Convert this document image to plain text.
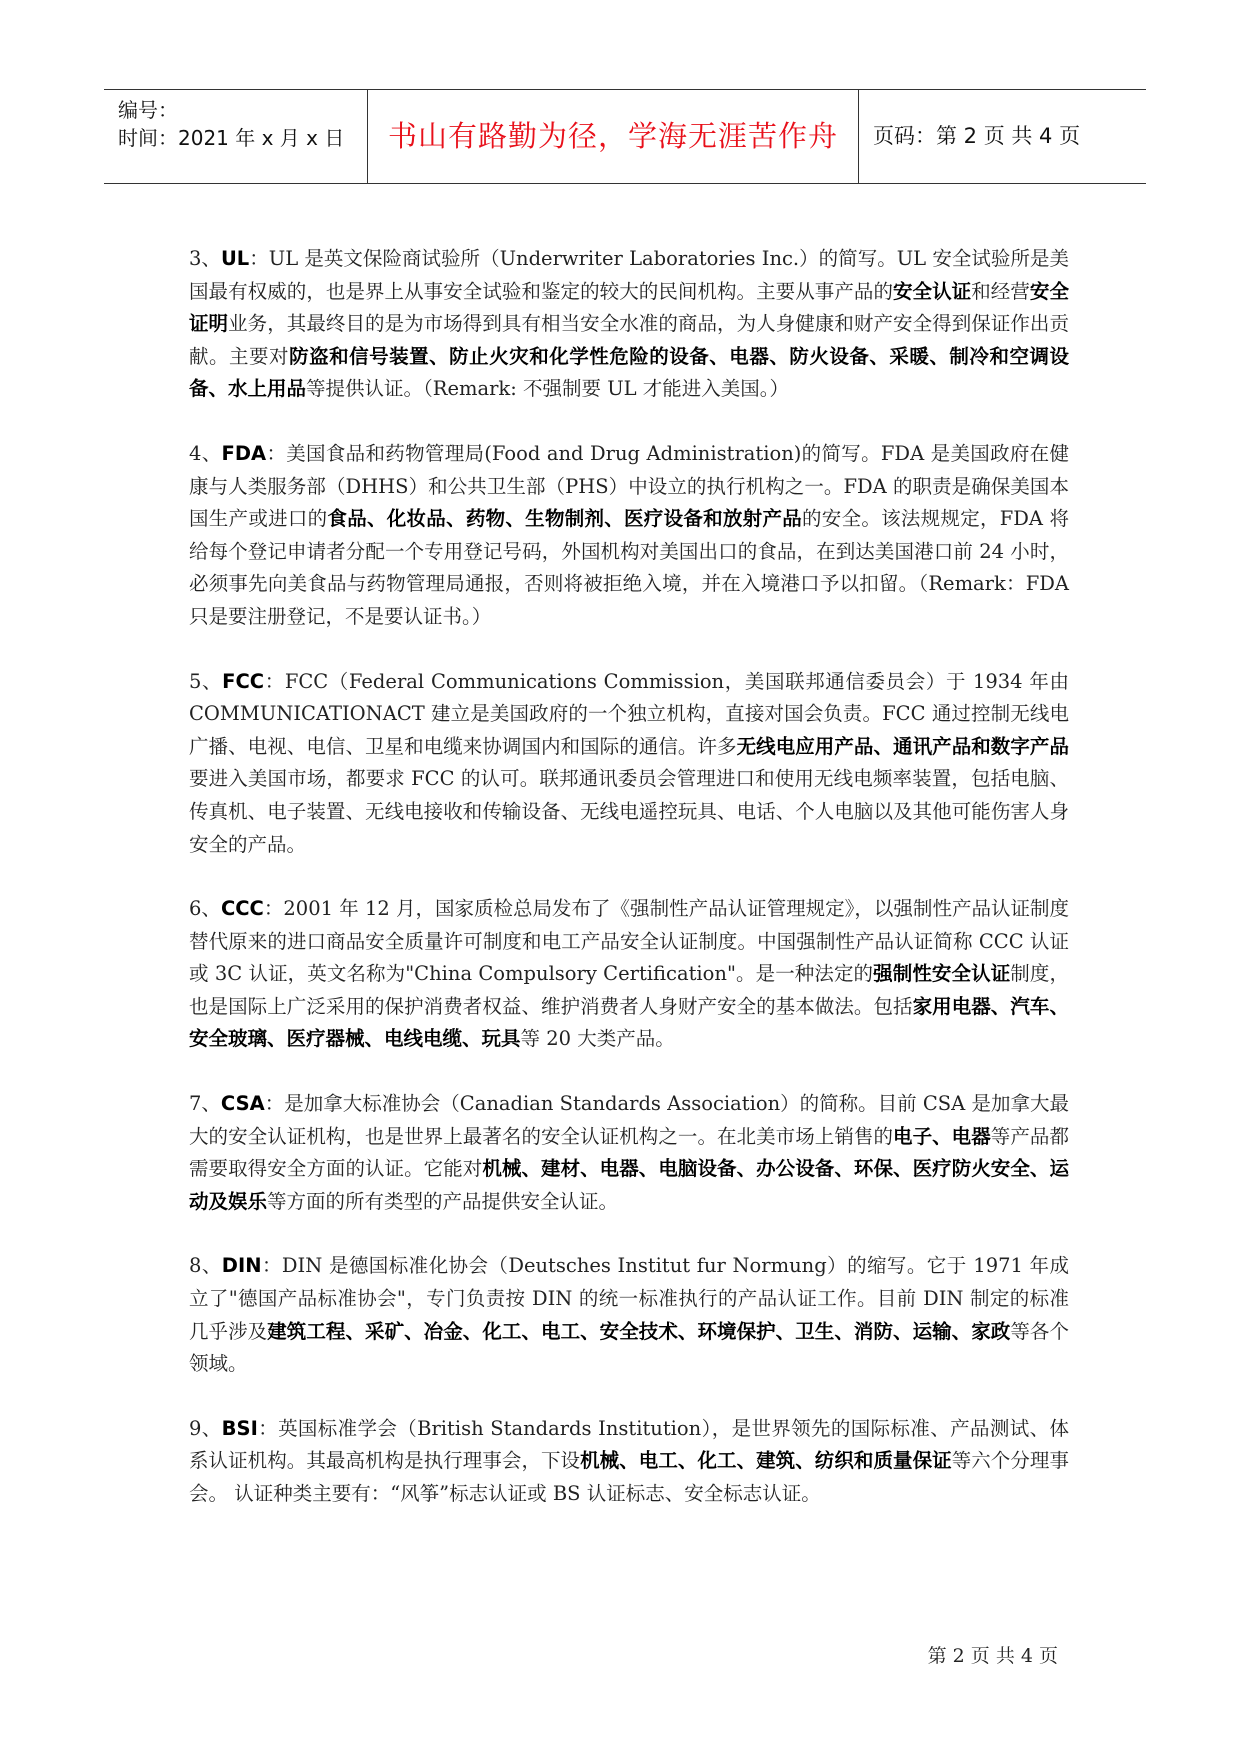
编号：
时间：2021 年 x 月 x 日 书山有路勤为径，学海无涯苦作舟	页码：第 2 页 共 4 页

3、UL：UL 是英文保险商试验所（Underwriter Laboratories Inc.）的简写。UL 安全试验所是美国最有权威的，也是界上从事安全试验和鉴定的较大的民间机构。主要从事产品的安全认证和经营安全证明业务，其最终目的是为市场得到具有相当安全水准的商品，为人身健康和财产安全得到保证作出贡献。主要对防盗和信号装置、防止火灾和化学性危险的设备、电器、防火设备、采暖、制冷和空调设备、水上用品等提供认证。（Remark: 不强制要 UL 才能进入美国。）

4、FDA：美国食品和药物管理局(Food and Drug Administration)的简写。FDA 是美国政府在健康与人类服务部（DHHS）和公共卫生部（PHS）中设立的执行机构之一。FDA 的职责是确保美国本国生产或进口的食品、化妆品、药物、生物制剂、医疗设备和放射产品的安全。该法规规定，FDA 将给每个登记申请者分配一个专用登记号码，外国机构对美国出口的食品，在到达美国港口前 24 小时，必须事先向美食品与药物管理局通报，否则将被拒绝入境，并在入境港口予以扣留。（Remark：FDA 只是要注册登记，不是要认证书。）

5、FCC：FCC（Federal Communications Commission，美国联邦通信委员会）于 1934 年由 COMMUNICATIONACT 建立是美国政府的一个独立机构，直接对国会负责。FCC 通过控制无线电广播、电视、电信、卫星和电缆来协调国内和国际的通信。许多无线电应用产品、通讯产品和数字产品要进入美国市场，都要求 FCC 的认可。联邦通讯委员会管理进口和使用无线电频率装置，包括电脑、传真机、电子装置、无线电接收和传输设备、无线电遥控玩具、电话、个人电脑以及其他可能伤害人身安全的产品。

6、CCC：2001 年 12 月，国家质检总局发布了《强制性产品认证管理规定》，以强制性产品认证制度替代原来的进口商品安全质量许可制度和电工产品安全认证制度。中国强制性产品认证简称 CCC 认证或 3C 认证，英文名称为"China Compulsory Certification"。是一种法定的强制性安全认证制度，也是国际上广泛采用的保护消费者权益、维护消费者人身财产安全的基本做法。包括家用电器、汽车、安全玻璃、医疗器械、电线电缆、玩具等 20 大类产品。

7、CSA：是加拿大标准协会（Canadian Standards Association）的简称。目前 CSA 是加拿大最大的安全认证机构，也是世界上最著名的安全认证机构之一。在北美市场上销售的电子、电器等产品都需要取得安全方面的认证。它能对机械、建材、电器、电脑设备、办公设备、环保、医疗防火安全、运动及娱乐等方面的所有类型的产品提供安全认证。

8、DIN：DIN 是德国标准化协会（Deutsches Institut fur Normung）的缩写。它于 1971 年成立了"德国产品标准协会"，专门负责按 DIN 的统一标准执行的产品认证工作。目前 DIN 制定的标准几乎涉及建筑工程、采矿、冶金、化工、电工、安全技术、环境保护、卫生、消防、运输、家政等各个领域。

9、BSI：英国标准学会（British Standards Institution），是世界领先的国际标准、产品测试、体系认证机构。其最高机构是执行理事会，下设机械、电工、化工、建筑、纺织和质量保证等六个分理事会。 认证种类主要有：“风筝”标志认证或 BS 认证标志、安全标志认证。

第 2 页 共 4 页
